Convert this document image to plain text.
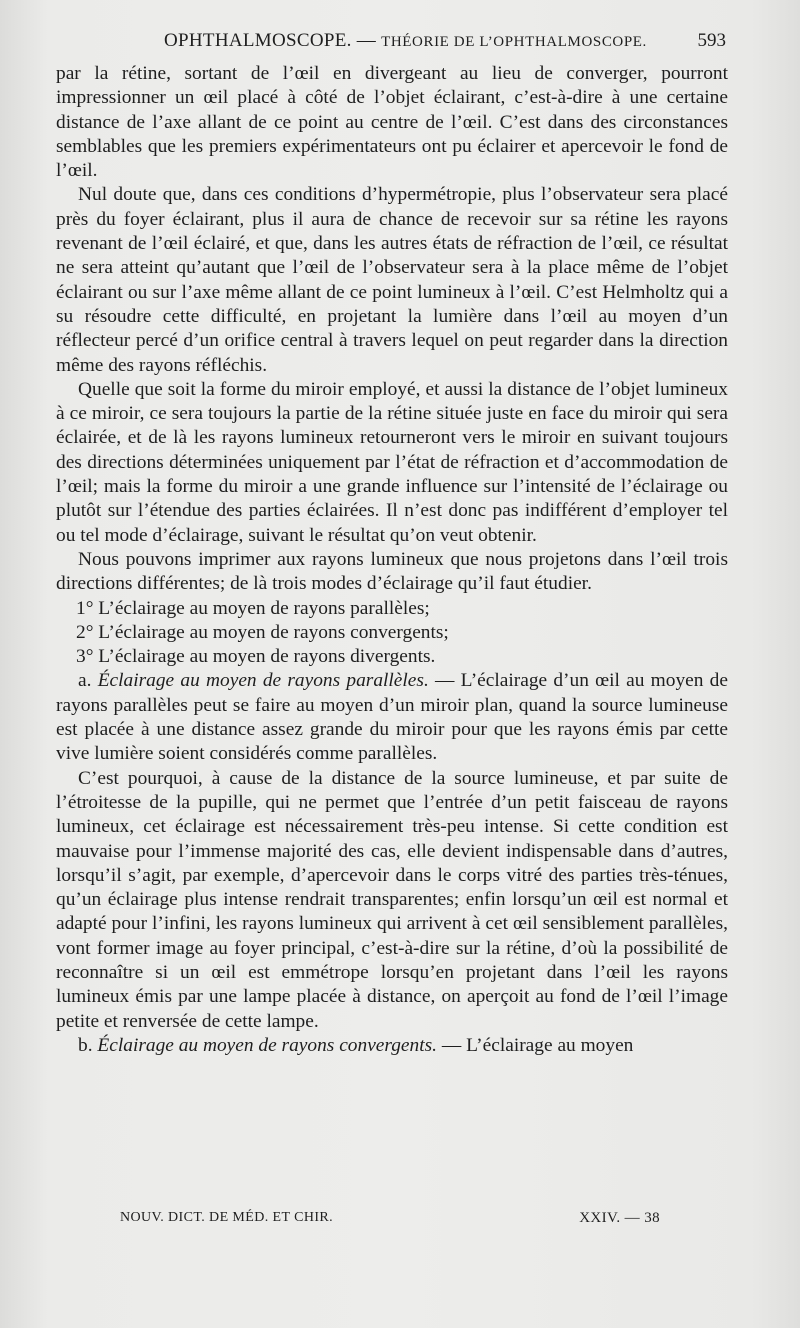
OPHTHALMOSCOPE. — THÉORIE DE L’OPHTHALMOSCOPE.	593

par la rétine, sortant de l’œil en divergeant au lieu de converger, pourront impressionner un œil placé à côté de l’objet éclairant, c’est-à-dire à une certaine distance de l’axe allant de ce point au centre de l’œil. C’est dans des circonstances semblables que les premiers expérimentateurs ont pu éclairer et apercevoir le fond de l’œil.

Nul doute que, dans ces conditions d’hypermétropie, plus l’observateur sera placé près du foyer éclairant, plus il aura de chance de recevoir sur sa rétine les rayons revenant de l’œil éclairé, et que, dans les autres états de réfraction de l’œil, ce résultat ne sera atteint qu’autant que l’œil de l’observateur sera à la place même de l’objet éclairant ou sur l’axe même allant de ce point lumineux à l’œil. C’est Helmholtz qui a su résoudre cette difficulté, en projetant la lumière dans l’œil au moyen d’un réflecteur percé d’un orifice central à travers lequel on peut regarder dans la direction même des rayons réfléchis.

Quelle que soit la forme du miroir employé, et aussi la distance de l’objet lumineux à ce miroir, ce sera toujours la partie de la rétine située juste en face du miroir qui sera éclairée, et de là les rayons lumineux retourneront vers le miroir en suivant toujours des directions déterminées uniquement par l’état de réfraction et d’accommodation de l’œil; mais la forme du miroir a une grande influence sur l’intensité de l’éclairage ou plutôt sur l’étendue des parties éclairées. Il n’est donc pas indifférent d’employer tel ou tel mode d’éclairage, suivant le résultat qu’on veut obtenir.

Nous pouvons imprimer aux rayons lumineux que nous projetons dans l’œil trois directions différentes; de là trois modes d’éclairage qu’il faut étudier.

1° L’éclairage au moyen de rayons parallèles;

2° L’éclairage au moyen de rayons convergents;

3° L’éclairage au moyen de rayons divergents.

a. Éclairage au moyen de rayons parallèles. — L’éclairage d’un œil au moyen de rayons parallèles peut se faire au moyen d’un miroir plan, quand la source lumineuse est placée à une distance assez grande du miroir pour que les rayons émis par cette vive lumière soient considérés comme parallèles.

C’est pourquoi, à cause de la distance de la source lumineuse, et par suite de l’étroitesse de la pupille, qui ne permet que l’entrée d’un petit faisceau de rayons lumineux, cet éclairage est nécessairement très-peu intense. Si cette condition est mauvaise pour l’immense majorité des cas, elle devient indispensable dans d’autres, lorsqu’il s’agit, par exemple, d’apercevoir dans le corps vitré des parties très-ténues, qu’un éclairage plus intense rendrait transparentes; enfin lorsqu’un œil est normal et adapté pour l’infini, les rayons lumineux qui arrivent à cet œil sensiblement parallèles, vont former image au foyer principal, c’est-à-dire sur la rétine, d’où la possibilité de reconnaître si un œil est emmétrope lorsqu’en projetant dans l’œil les rayons lumineux émis par une lampe placée à distance, on aperçoit au fond de l’œil l’image petite et renversée de cette lampe.

b. Éclairage au moyen de rayons convergents. — L’éclairage au moyen

NOUV. DICT. DE MÉD. ET CHIR.	XXIV. — 38
